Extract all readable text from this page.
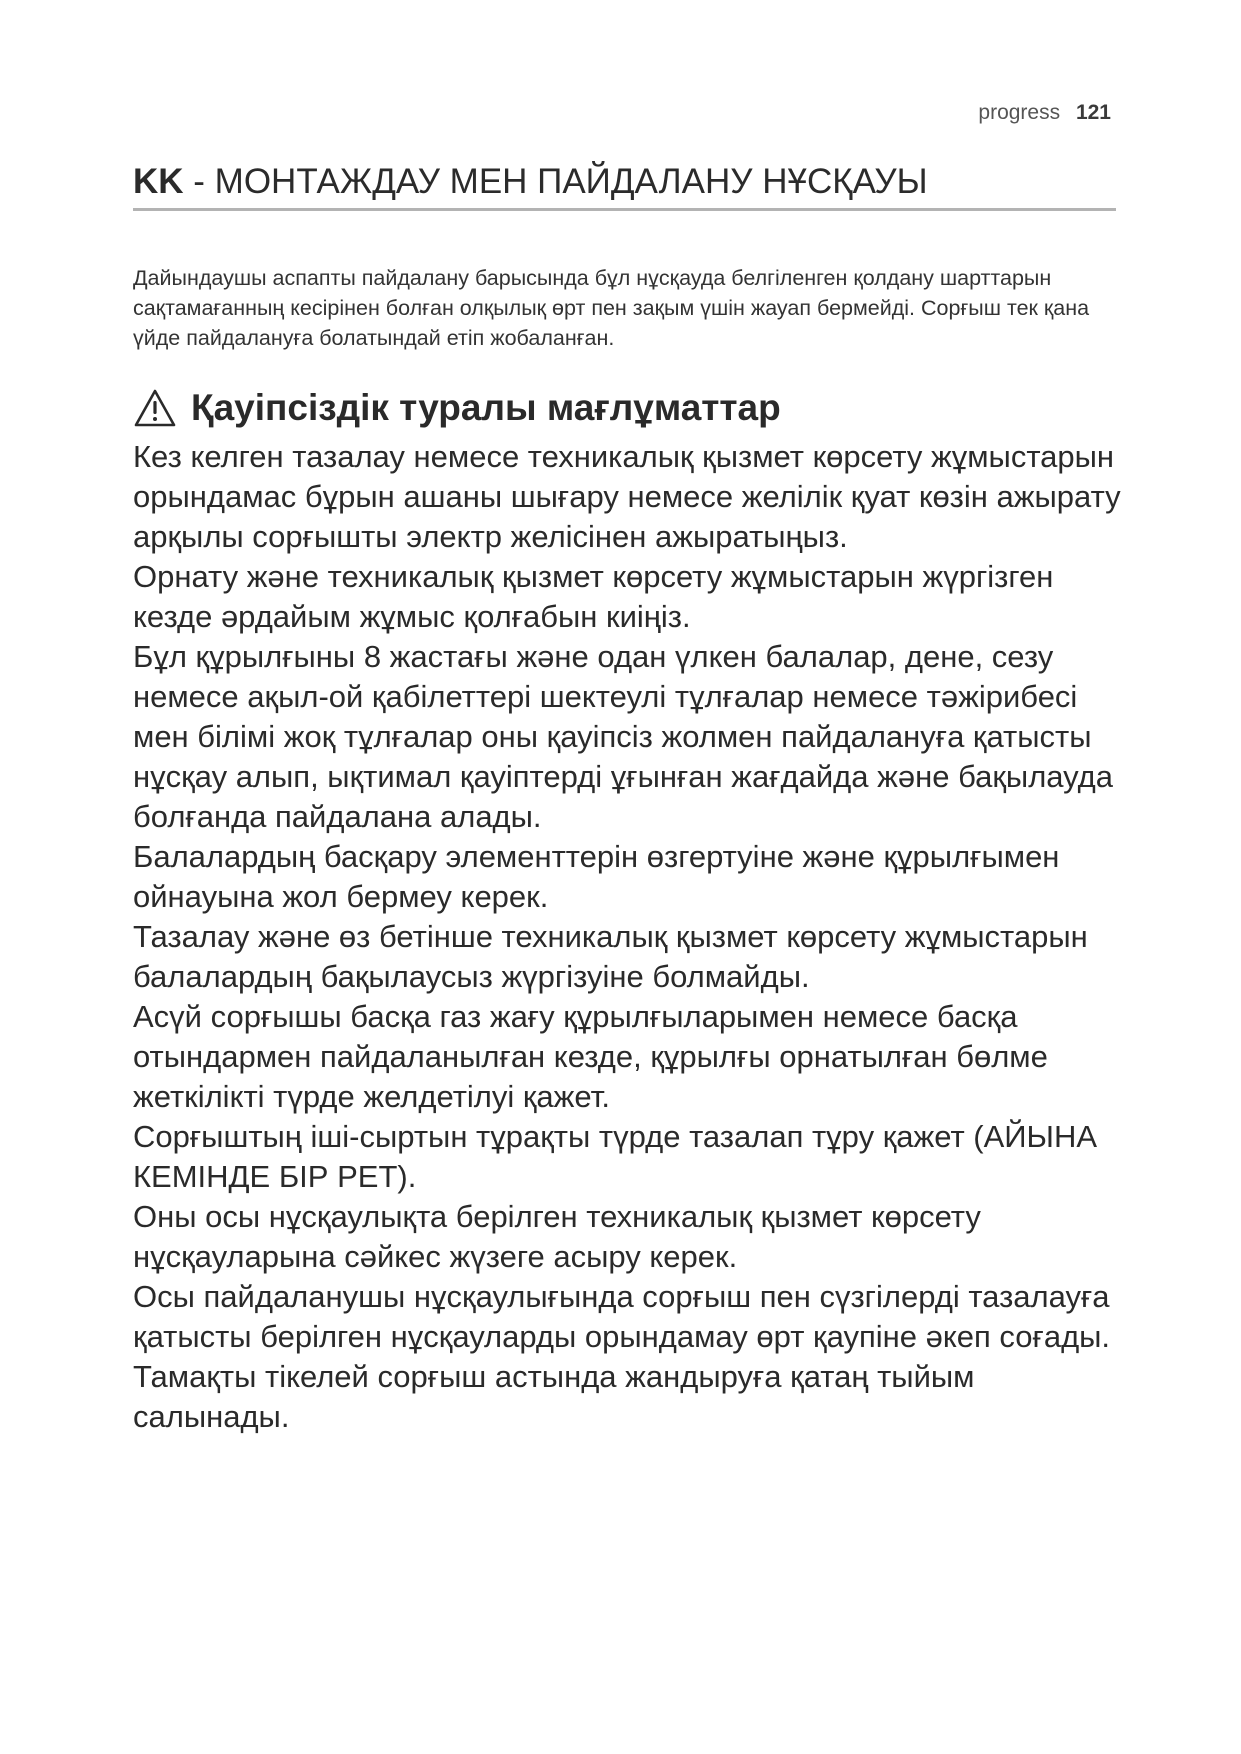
progress 121
KK - МОНТАЖДАУ МЕН ПАЙДАЛАНУ НҰСҚАУЫ

Дайындаушы аспапты пайдалану барысында бұл нұсқауда белгіленген қолдану шарттарын сақтамағанның кесірінен болған олқылық өрт пен зақым үшін жауап бермейді. Сорғыш тек қана үйде пайдалануға болатындай етіп жобаланған.

Қауіпсіздік туралы мағлұматтар
Кез келген тазалау немесе техникалық қызмет көрсету жұмыстарын орындамас бұрын ашаны шығару немесе желілік қуат көзін ажырату арқылы сорғышты электр желісінен ажыратыңыз.
Орнату және техникалық қызмет көрсету жұмыстарын жүргізген кезде әрдайым жұмыс қолғабын киіңіз.
Бұл құрылғыны 8 жастағы және одан үлкен балалар, дене, сезу немесе ақыл-ой қабілеттері шектеулі тұлғалар немесе тәжірибесі мен білімі жоқ тұлғалар оны қауіпсіз жолмен пайдалануға қатысты нұсқау алып, ықтимал қауіптерді ұғынған жағдайда және бақылауда болғанда пайдалана алады.
Балалардың басқару элементтерін өзгертуіне және құрылғымен ойнауына жол бермеу керек.
Тазалау және өз бетінше техникалық қызмет көрсету жұмыстарын балалардың бақылаусыз жүргізуіне болмайды.
Асүй сорғышы басқа газ жағу құрылғыларымен немесе басқа отындармен пайдаланылған кезде, құрылғы орнатылған бөлме жеткілікті түрде желдетілуі қажет.
Сорғыштың іші-сыртын тұрақты түрде тазалап тұру қажет (АЙЫНА КЕМІНДЕ БІР РЕТ).
Оны осы нұсқаулықта берілген техникалық қызмет көрсету нұсқауларына сәйкес жүзеге асыру керек.
Осы пайдаланушы нұсқаулығында сорғыш пен сүзгілерді тазалауға қатысты берілген нұсқауларды орындамау өрт қаупіне әкеп соғады.
Тамақты тікелей сорғыш астында жандыруға қатаң тыйым салынады.
